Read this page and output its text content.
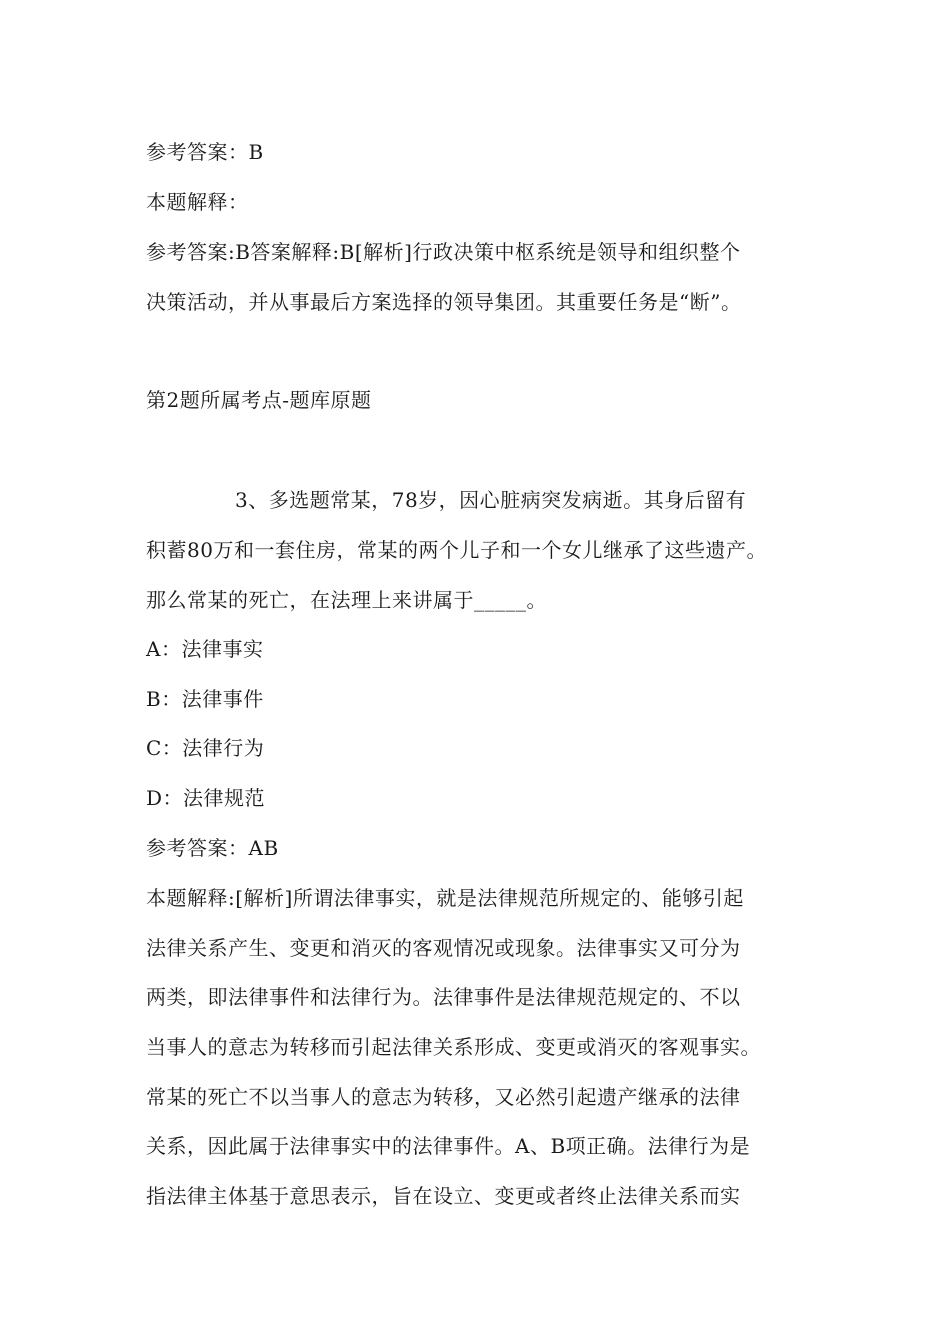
参考答案：B
本题解释：
参考答案:B答案解释:B[解析]行政决策中枢系统是领导和组织整个
决策活动，并从事最后方案选择的领导集团。其重要任务是“断”。
第2题所属考点-题库原题
3、多选题常某，78岁，因心脏病突发病逝。其身后留有
积蓄80万和一套住房，常某的两个儿子和一个女儿继承了这些遗产。
那么常某的死亡，在法理上来讲属于_____。
A：法律事实
B：法律事件
C：法律行为
D：法律规范
参考答案：AB
本题解释:[解析]所谓法律事实，就是法律规范所规定的、能够引起
法律关系产生、变更和消灭的客观情况或现象。法律事实又可分为
两类，即法律事件和法律行为。法律事件是法律规范规定的、不以
当事人的意志为转移而引起法律关系形成、变更或消灭的客观事实。
常某的死亡不以当事人的意志为转移，又必然引起遗产继承的法律
关系，因此属于法律事实中的法律事件。A、B项正确。法律行为是
指法律主体基于意思表示，旨在设立、变更或者终止法律关系而实
